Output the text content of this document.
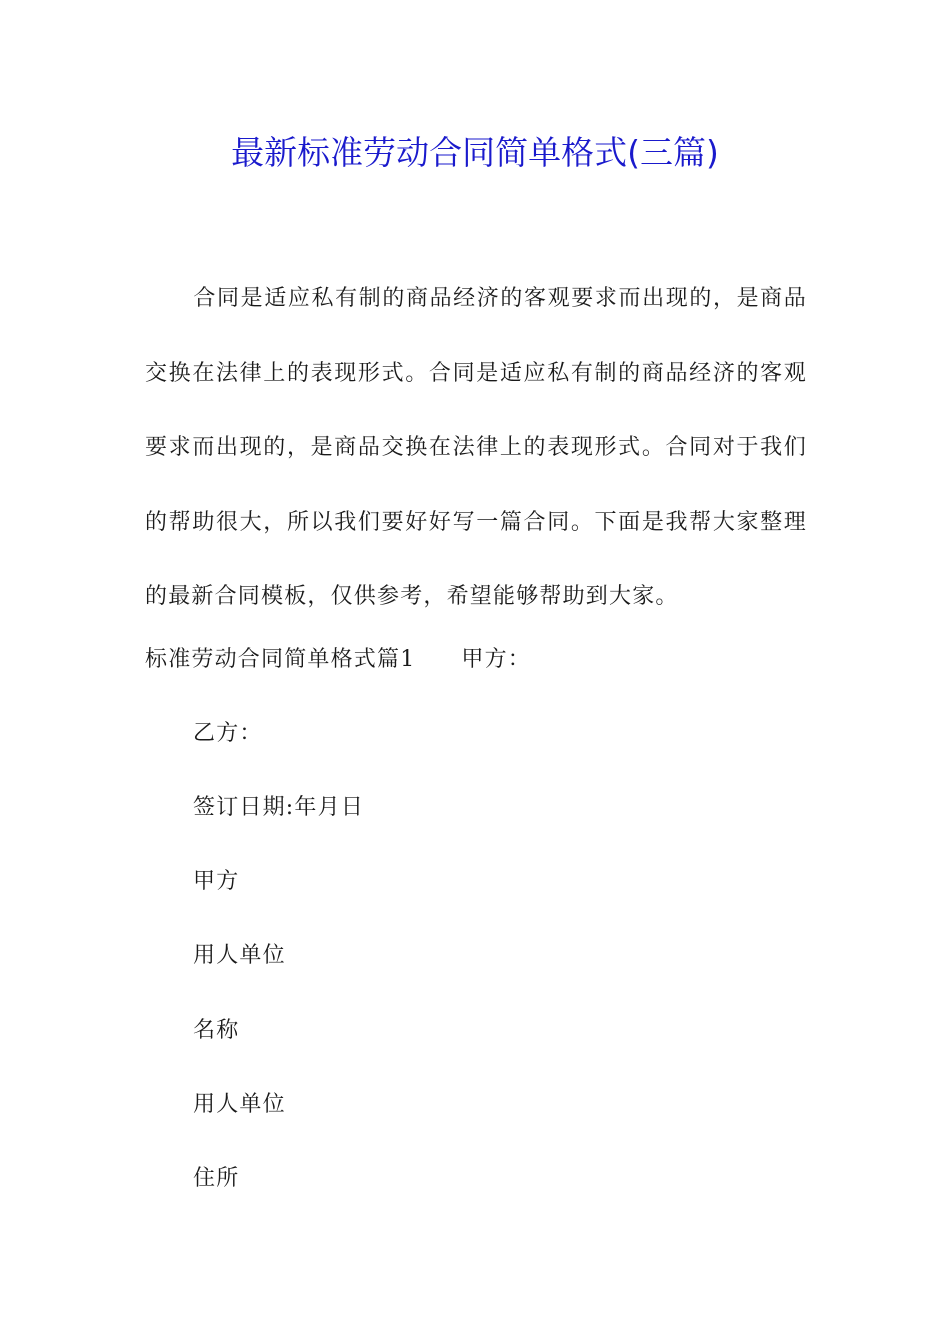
最新标准劳动合同简单格式(三篇)

合同是适应私有制的商品经济的客观要求而出现的，是商品交换在法律上的表现形式。合同是适应私有制的商品经济的客观要求而出现的，是商品交换在法律上的表现形式。合同对于我们的帮助很大，所以我们要好好写一篇合同。下面是我帮大家整理的最新合同模板，仅供参考，希望能够帮助到大家。

标准劳动合同简单格式篇1 甲方：

乙方：

签订日期:年月日

甲方

用人单位

名称

用人单位

住所
